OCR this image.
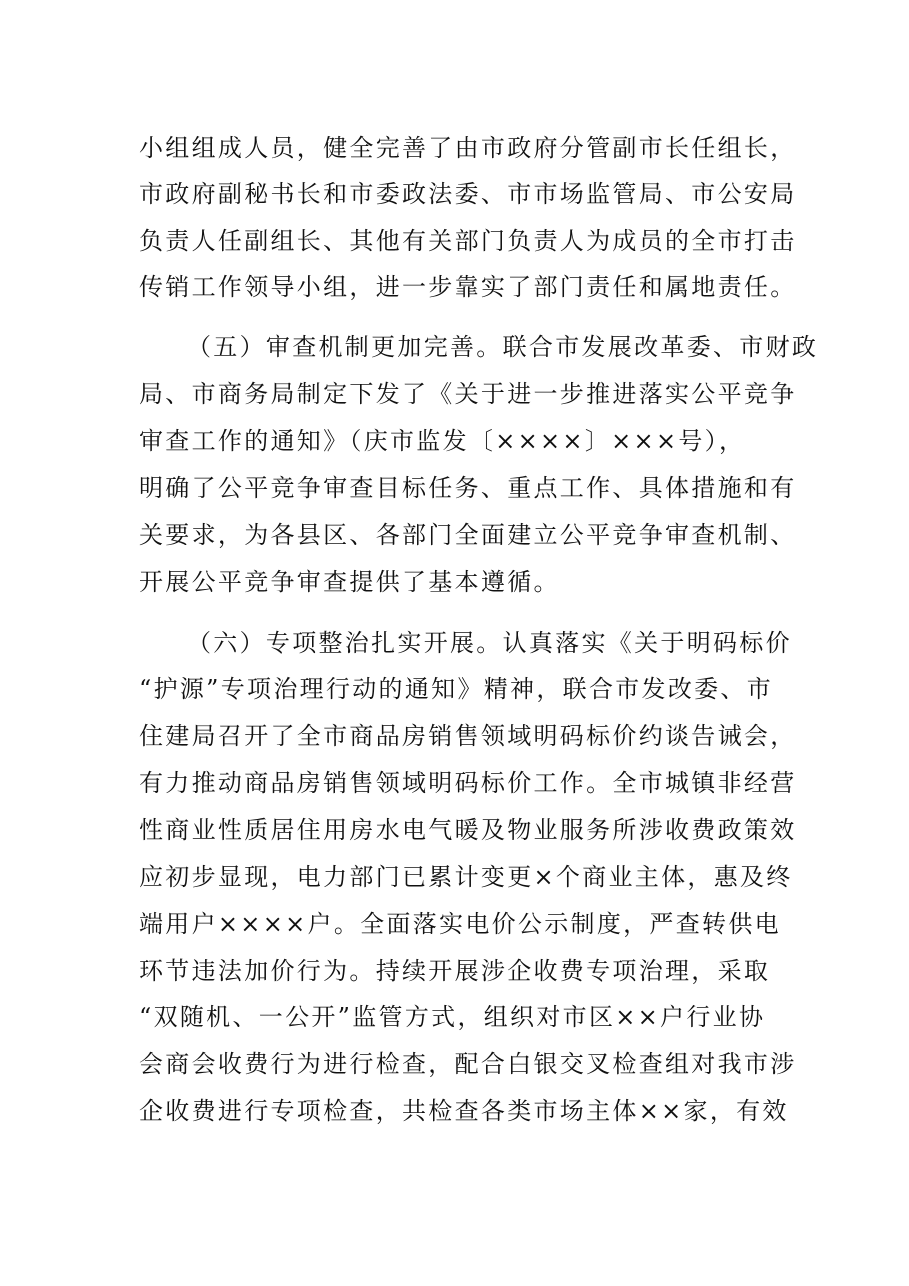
小组组成人员，健全完善了由市政府分管副市长任组长，
市政府副秘书长和市委政法委、市市场监管局、市公安局
负责人任副组长、其他有关部门负责人为成员的全市打击
传销工作领导小组，进一步靠实了部门责任和属地责任。
（五）审查机制更加完善。联合市发展改革委、市财政
局、市商务局制定下发了《关于进一步推进落实公平竞争
审查工作的通知》（庆市监发〔××××〕×××号），
明确了公平竞争审查目标任务、重点工作、具体措施和有
关要求，为各县区、各部门全面建立公平竞争审查机制、
开展公平竞争审查提供了基本遵循。
（六）专项整治扎实开展。认真落实《关于明码标价
“护源”专项治理行动的通知》精神，联合市发改委、市
住建局召开了全市商品房销售领域明码标价约谈告诫会，
有力推动商品房销售领域明码标价工作。全市城镇非经营
性商业性质居住用房水电气暖及物业服务所涉收费政策效
应初步显现，电力部门已累计变更×个商业主体，惠及终
端用户××××户。全面落实电价公示制度，严查转供电
环节违法加价行为。持续开展涉企收费专项治理，采取
“双随机、一公开”监管方式，组织对市区××户行业协
会商会收费行为进行检查，配合白银交叉检查组对我市涉
企收费进行专项检查，共检查各类市场主体××家，有效
